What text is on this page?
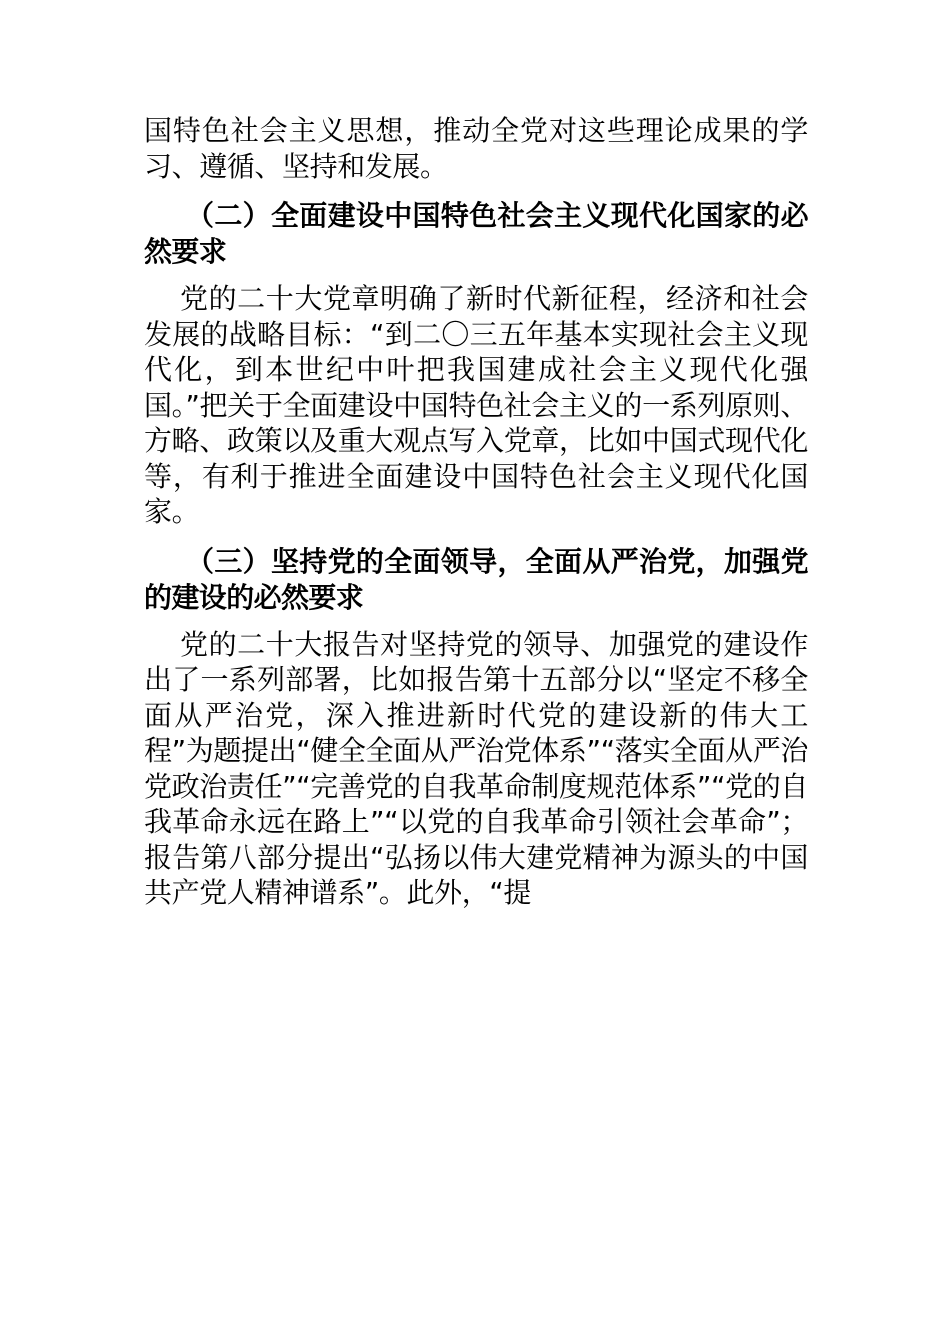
国特色社会主义思想，推动全党对这些理论成果的学习、遵循、坚持和发展。

（二）全面建设中国特色社会主义现代化国家的必然要求

党的二十大党章明确了新时代新征程，经济和社会发展的战略目标：“到二〇三五年基本实现社会主义现代化，到本世纪中叶把我国建成社会主义现代化强国。”把关于全面建设中国特色社会主义的一系列原则、方略、政策以及重大观点写入党章，比如中国式现代化等，有利于推进全面建设中国特色社会主义现代化国家。

（三）坚持党的全面领导，全面从严治党，加强党的建设的必然要求

党的二十大报告对坚持党的领导、加强党的建设作出了一系列部署，比如报告第十五部分以“坚定不移全面从严治党，深入推进新时代党的建设新的伟大工程”为题提出“健全全面从严治党体系”“落实全面从严治党政治责任”“完善党的自我革命制度规范体系”“党的自我革命永远在路上”“以党的自我革命引领社会革命”；报告第八部分提出“弘扬以伟大建党精神为源头的中国共产党人精神谱系”。此外，“提
